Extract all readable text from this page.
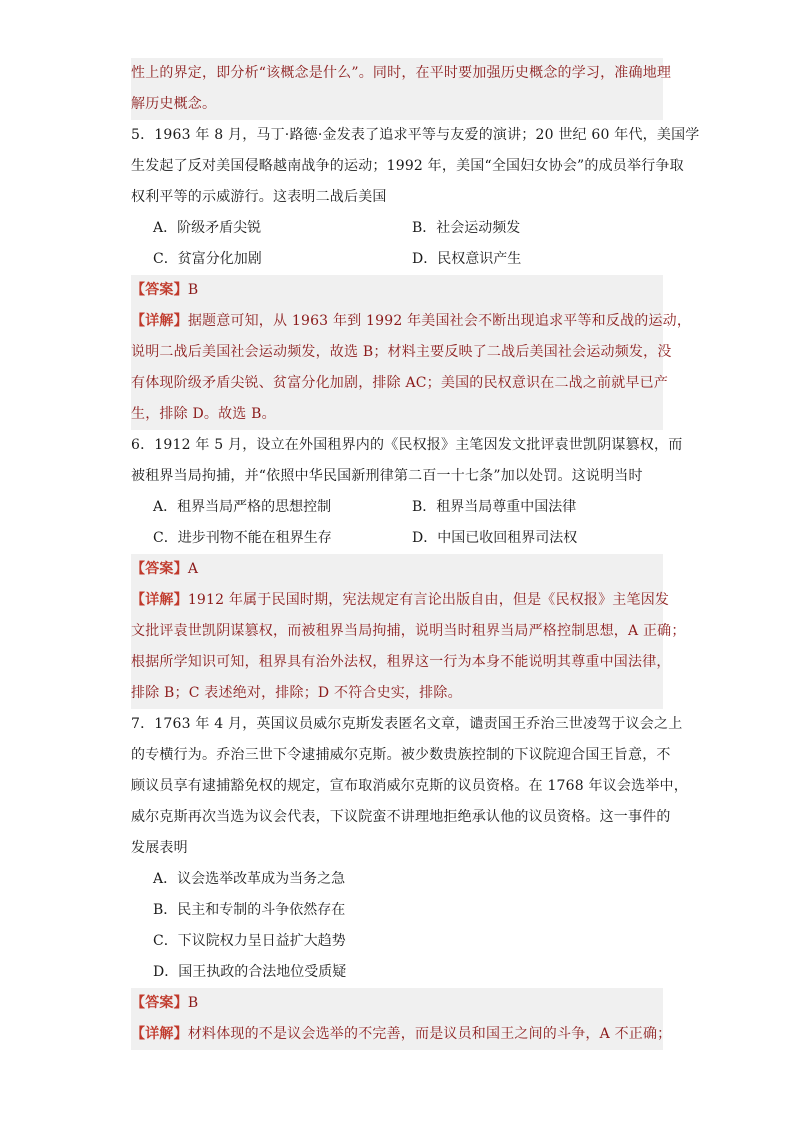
性上的界定，即分析“该概念是什么”。同时，在平时要加强历史概念的学习，准确地理
解历史概念。
5．1963 年 8 月，马丁·路德·金发表了追求平等与友爱的演讲；20 世纪 60 年代，美国学
生发起了反对美国侵略越南战争的运动；1992 年，美国“全国妇女协会”的成员举行争取
权利平等的示威游行。这表明二战后美国
A．阶级矛盾尖锐	B．社会运动频发
C．贫富分化加剧	D．民权意识产生
【答案】B
【详解】据题意可知，从 1963 年到 1992 年美国社会不断出现追求平等和反战的运动，
说明二战后美国社会运动频发，故选 B；材料主要反映了二战后美国社会运动频发，没
有体现阶级矛盾尖锐、贫富分化加剧，排除 AC；美国的民权意识在二战之前就早已产
生，排除 D。故选 B。
6．1912 年 5 月，设立在外国租界内的《民权报》主笔因发文批评袁世凯阴谋篡权，而
被租界当局拘捕，并“依照中华民国新刑律第二百一十七条”加以处罚。这说明当时
A．租界当局严格的思想控制	B．租界当局尊重中国法律
C．进步刊物不能在租界生存	D．中国已收回租界司法权
【答案】A
【详解】1912 年属于民国时期，宪法规定有言论出版自由，但是《民权报》主笔因发
文批评袁世凯阴谋篡权，而被租界当局拘捕，说明当时租界当局严格控制思想，A 正确；
根据所学知识可知，租界具有治外法权，租界这一行为本身不能说明其尊重中国法律，
排除 B；C 表述绝对，排除；D 不符合史实，排除。
7．1763 年 4 月，英国议员威尔克斯发表匿名文章，谴责国王乔治三世凌驾于议会之上
的专横行为。乔治三世下令逮捕威尔克斯。被少数贵族控制的下议院迎合国王旨意，不
顾议员享有逮捕豁免权的规定，宣布取消威尔克斯的议员资格。在 1768 年议会选举中，
威尔克斯再次当选为议会代表，下议院蛮不讲理地拒绝承认他的议员资格。这一事件的
发展表明
A．议会选举改革成为当务之急
B．民主和专制的斗争依然存在
C．下议院权力呈日益扩大趋势
D．国王执政的合法地位受质疑
【答案】B
【详解】材料体现的不是议会选举的不完善，而是议员和国王之间的斗争，A 不正确；
